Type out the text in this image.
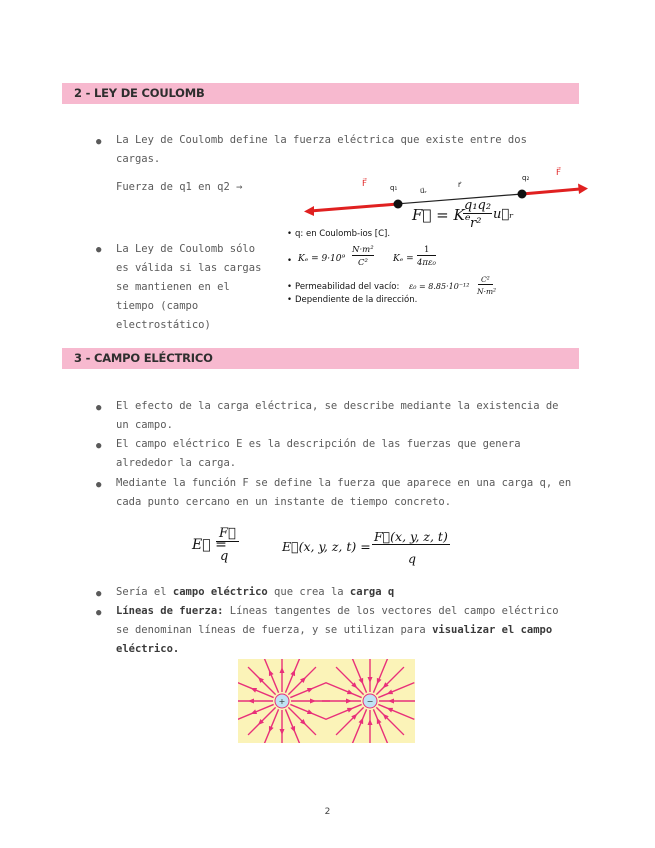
2 - LEY DE COULOMB
● La Ley de Coulomb define la fuerza eléctrica que existe entre dos
cargas.
Fuerza de q1 en q2 →
● La Ley de Coulomb sólo
es válida si las cargas
se mantienen en el
tiempo (campo
electrostático)
F⃗	q₁	u⃗ᵣ
r⃗
q₂	F⃗
F⃗ = Kₑ
q₁q₂
r²
u⃗ᵣ
• q: en Coulomb-ios [C].
• Kₑ = 9·10⁹
N·m²
C²	Kₑ =
1
4πε₀
• Permeabilidad del vacío: ε₀ = 8.85·10⁻¹²
C²
N·m²
• Dependiente de la dirección.
3 - CAMPO ELÉCTRICO
● El efecto de la carga eléctrica, se describe mediante la existencia de
un campo.
● El campo eléctrico E es la descripción de las fuerzas que genera
alrededor la carga.
● Mediante la función F se define la fuerza que aparece en una carga q, en
cada punto cercano en un instante de tiempo concreto.
E⃗ =
F⃗
q
E⃗(x, y, z, t) =
F⃗(x, y, z, t)
q
● Sería el campo eléctrico que crea la carga q
● Líneas de fuerza: Líneas tangentes de los vectores del campo eléctrico
se denominan líneas de fuerza, y se utilizan para visualizar el campo
eléctrico.
+	−
2
